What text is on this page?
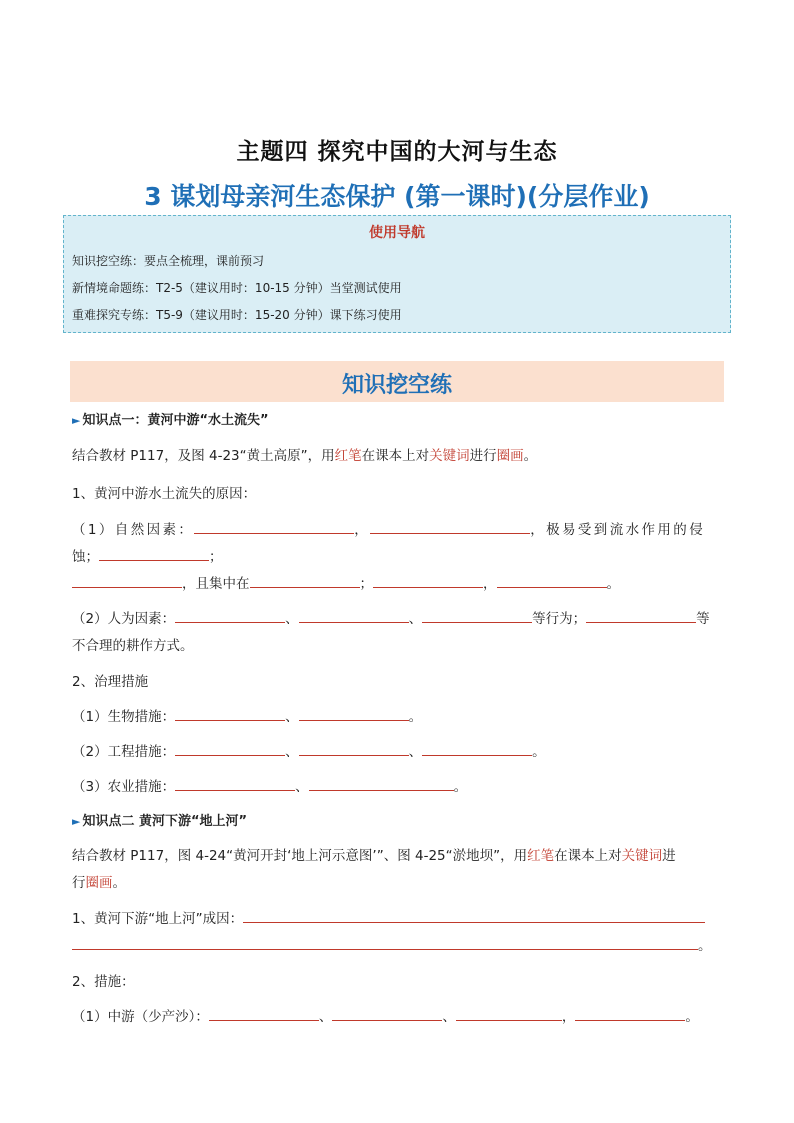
主题四 探究中国的大河与生态
3 谋划母亲河生态保护 (第一课时)(分层作业)
使用导航
知识挖空练：要点全梳理，课前预习
新情境命题练：T2-5（建议用时：10-15 分钟）当堂测试使用
重难探究专练：T5-9（建议用时：15-20 分钟）课下练习使用
知识挖空练
► 知识点一：黄河中游“水土流失”
结合教材 P117，及图 4-23“黄土高原”，用红笔在课本上对关键词进行圈画。
1、黄河中游水土流失的原因：
（1）自然因素：	，	，极易受到流水作用的侵
蚀；	；
，且集中在	；	，	。
（2）人为因素：	、	、	等行为；	等
不合理的耕作方式。
2、治理措施
（1）生物措施：	、	。
（2）工程措施：	、	、	。
（3）农业措施：	、	。
► 知识点二 黄河下游“地上河”
结合教材 P117，图 4-24“黄河开封‘地上河示意图’”、图 4-25“淤地坝”，用红笔在课本上对关键词进
行圈画。
1、黄河下游“地上河”成因：
。
2、措施：
（1）中游（少产沙）：	、	、	，	。
